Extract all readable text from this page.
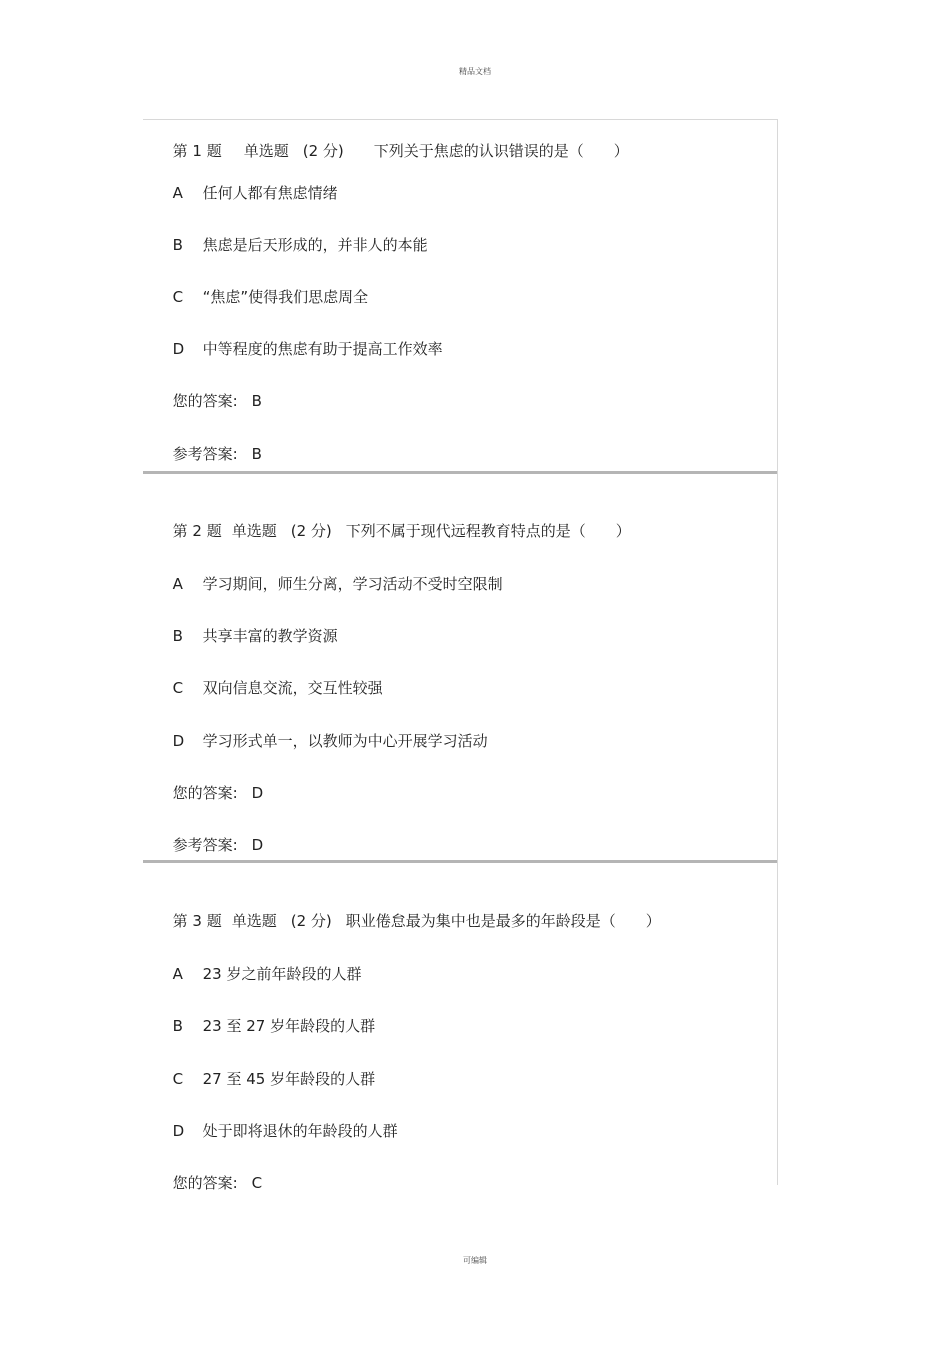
精品文档

第 1 题 单选题 (2 分) 下列关于焦虑的认识错误的是（　　）

A 任何人都有焦虑情绪

B 焦虑是后天形成的，并非人的本能

C “焦虑”使得我们思虑周全

D 中等程度的焦虑有助于提高工作效率

您的答案: B

参考答案: B

第 2 题 单选题 (2 分) 下列不属于现代远程教育特点的是（　　）

A 学习期间，师生分离，学习活动不受时空限制

B 共享丰富的教学资源

C 双向信息交流，交互性较强

D 学习形式单一，以教师为中心开展学习活动

您的答案: D

参考答案: D

第 3 题 单选题 (2 分) 职业倦怠最为集中也是最多的年龄段是（　　）

A 23 岁之前年龄段的人群

B 23 至 27 岁年龄段的人群

C 27 至 45 岁年龄段的人群

D 处于即将退休的年龄段的人群

您的答案: C

可编辑
